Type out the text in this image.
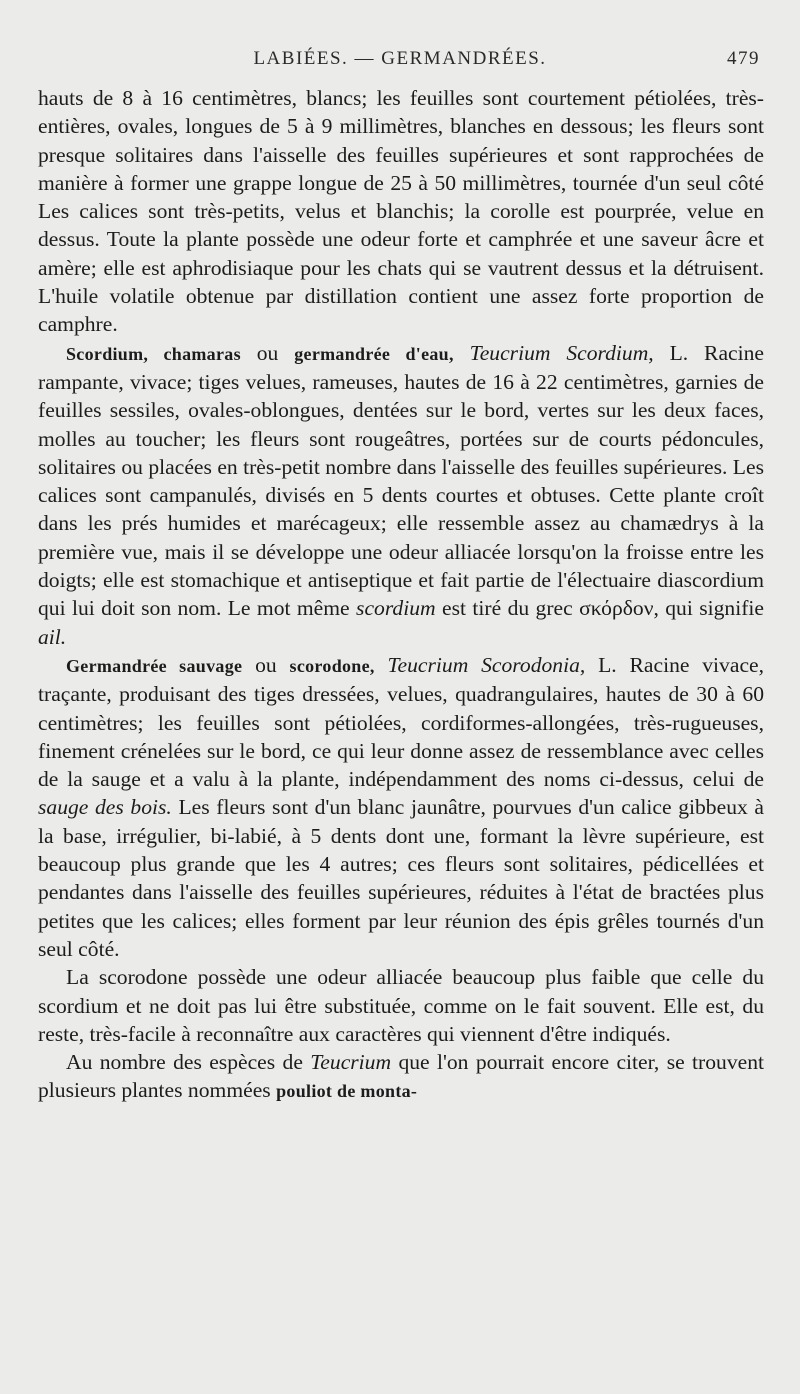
LABIÉES. — GERMANDRÉES.	479

hauts de 8 à 16 centimètres, blancs; les feuilles sont courtement pétiolées, très-entières, ovales, longues de 5 à 9 millimètres, blanches en dessous; les fleurs sont presque solitaires dans l'aisselle des feuilles supérieures et sont rapprochées de manière à former une grappe longue de 25 à 50 millimètres, tournée d'un seul côté Les calices sont très-petits, velus et blanchis; la corolle est pourprée, velue en dessus. Toute la plante possède une odeur forte et camphrée et une saveur âcre et amère; elle est aphrodisiaque pour les chats qui se vautrent dessus et la détruisent. L'huile volatile obtenue par distillation contient une assez forte proportion de camphre.

Scordium, chamaras ou germandrée d'eau, Teucrium Scordium, L. Racine rampante, vivace; tiges velues, rameuses, hautes de 16 à 22 centimètres, garnies de feuilles sessiles, ovales-oblongues, dentées sur le bord, vertes sur les deux faces, molles au toucher; les fleurs sont rougeâtres, portées sur de courts pédoncules, solitaires ou placées en très-petit nombre dans l'aisselle des feuilles supérieures. Les calices sont campanulés, divisés en 5 dents courtes et obtuses. Cette plante croît dans les prés humides et marécageux; elle ressemble assez au chamædrys à la première vue, mais il se développe une odeur alliacée lorsqu'on la froisse entre les doigts; elle est stomachique et antiseptique et fait partie de l'électuaire diascordium qui lui doit son nom. Le mot même scordium est tiré du grec σκόρδον, qui signifie ail.

Germandrée sauvage ou scorodone, Teucrium Scorodonia, L. Racine vivace, traçante, produisant des tiges dressées, velues, quadrangulaires, hautes de 30 à 60 centimètres; les feuilles sont pétiolées, cordiformes-allongées, très-rugueuses, finement crénelées sur le bord, ce qui leur donne assez de ressemblance avec celles de la sauge et a valu à la plante, indépendamment des noms ci-dessus, celui de sauge des bois. Les fleurs sont d'un blanc jaunâtre, pourvues d'un calice gibbeux à la base, irrégulier, bi-labié, à 5 dents dont une, formant la lèvre supérieure, est beaucoup plus grande que les 4 autres; ces fleurs sont solitaires, pédicellées et pendantes dans l'aisselle des feuilles supérieures, réduites à l'état de bractées plus petites que les calices; elles forment par leur réunion des épis grêles tournés d'un seul côté.

La scorodone possède une odeur alliacée beaucoup plus faible que celle du scordium et ne doit pas lui être substituée, comme on le fait souvent. Elle est, du reste, très-facile à reconnaître aux caractères qui viennent d'être indiqués.

Au nombre des espèces de Teucrium que l'on pourrait encore citer, se trouvent plusieurs plantes nommées pouliot de monta-
